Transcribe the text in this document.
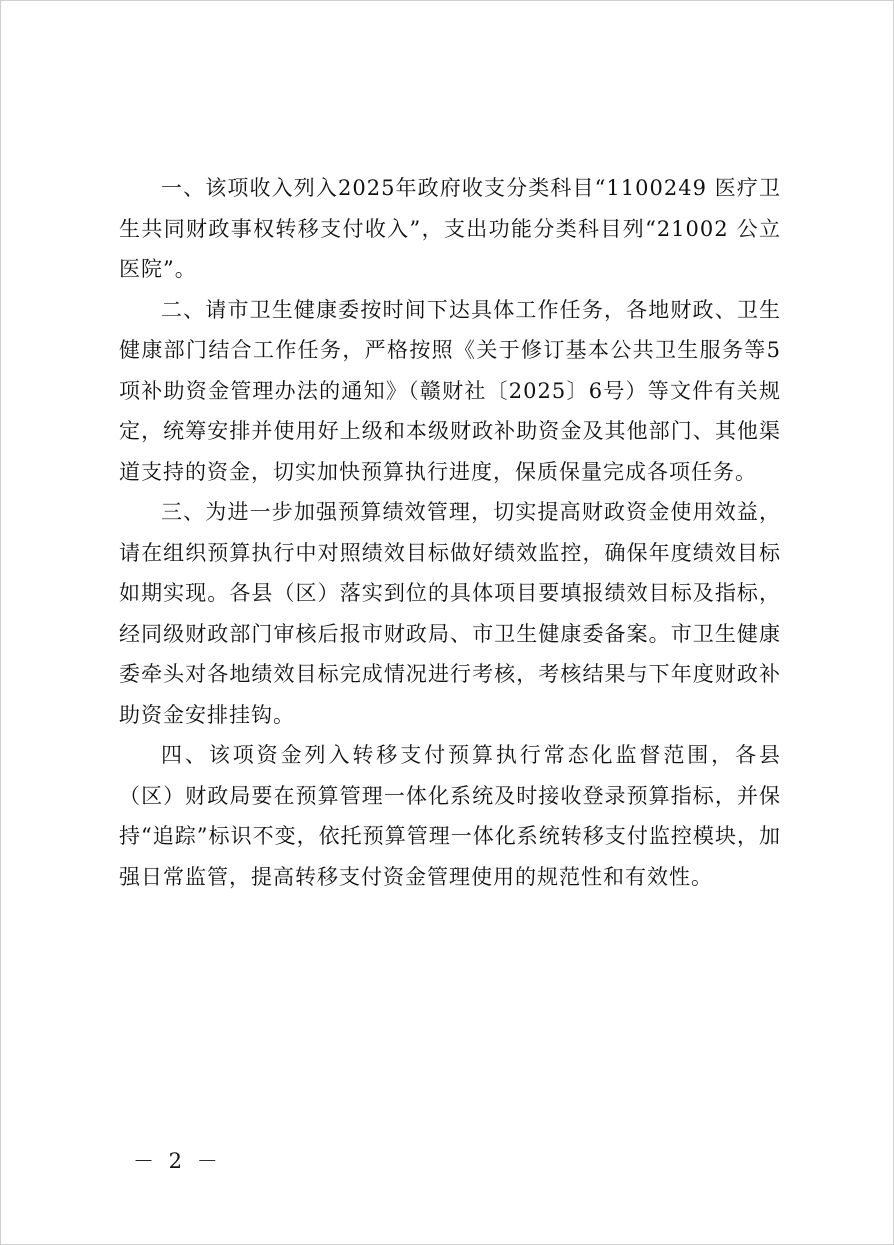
一、该项收入列入2025年政府收支分类科目“1100249 医疗卫生共同财政事权转移支付收入”，支出功能分类科目列“21002 公立医院”。

二、请市卫生健康委按时间下达具体工作任务，各地财政、卫生健康部门结合工作任务，严格按照《关于修订基本公共卫生服务等5项补助资金管理办法的通知》（赣财社〔2025〕6号）等文件有关规定，统筹安排并使用好上级和本级财政补助资金及其他部门、其他渠道支持的资金，切实加快预算执行进度，保质保量完成各项任务。

三、为进一步加强预算绩效管理，切实提高财政资金使用效益，请在组织预算执行中对照绩效目标做好绩效监控，确保年度绩效目标如期实现。各县（区）落实到位的具体项目要填报绩效目标及指标，经同级财政部门审核后报市财政局、市卫生健康委备案。市卫生健康委牵头对各地绩效目标完成情况进行考核，考核结果与下年度财政补助资金安排挂钩。

四、该项资金列入转移支付预算执行常态化监督范围，各县（区）财政局要在预算管理一体化系统及时接收登录预算指标，并保持“追踪”标识不变，依托预算管理一体化系统转移支付监控模块，加强日常监管，提高转移支付资金管理使用的规范性和有效性。

－ 2 －
